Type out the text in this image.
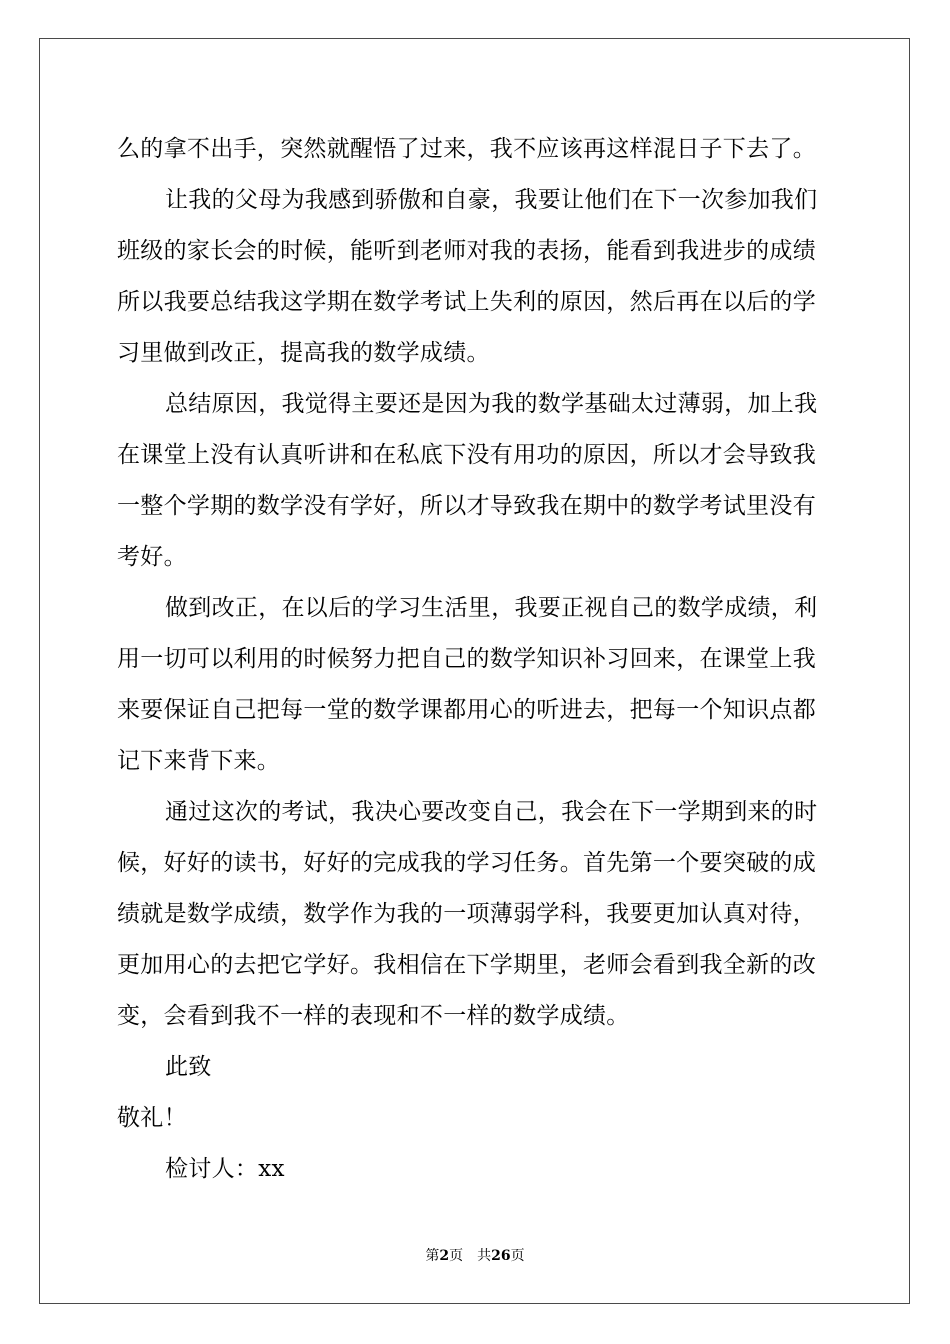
么的拿不出手，突然就醒悟了过来，我不应该再这样混日子下去了。
让我的父母为我感到骄傲和自豪，我要让他们在下一次参加我们
班级的家长会的时候，能听到老师对我的表扬，能看到我进步的成绩
所以我要总结我这学期在数学考试上失利的原因，然后再在以后的学
习里做到改正，提高我的数学成绩。
总结原因，我觉得主要还是因为我的数学基础太过薄弱，加上我
在课堂上没有认真听讲和在私底下没有用功的原因，所以才会导致我
一整个学期的数学没有学好，所以才导致我在期中的数学考试里没有
考好。
做到改正，在以后的学习生活里，我要正视自己的数学成绩，利
用一切可以利用的时候努力把自己的数学知识补习回来，在课堂上我
来要保证自己把每一堂的数学课都用心的听进去，把每一个知识点都
记下来背下来。
通过这次的考试，我决心要改变自己，我会在下一学期到来的时
候，好好的读书，好好的完成我的学习任务。首先第一个要突破的成
绩就是数学成绩，数学作为我的一项薄弱学科，我要更加认真对待，
更加用心的去把它学好。我相信在下学期里，老师会看到我全新的改
变，会看到我不一样的表现和不一样的数学成绩。
此致
敬礼！
检讨人：xx
第2页 共26页
